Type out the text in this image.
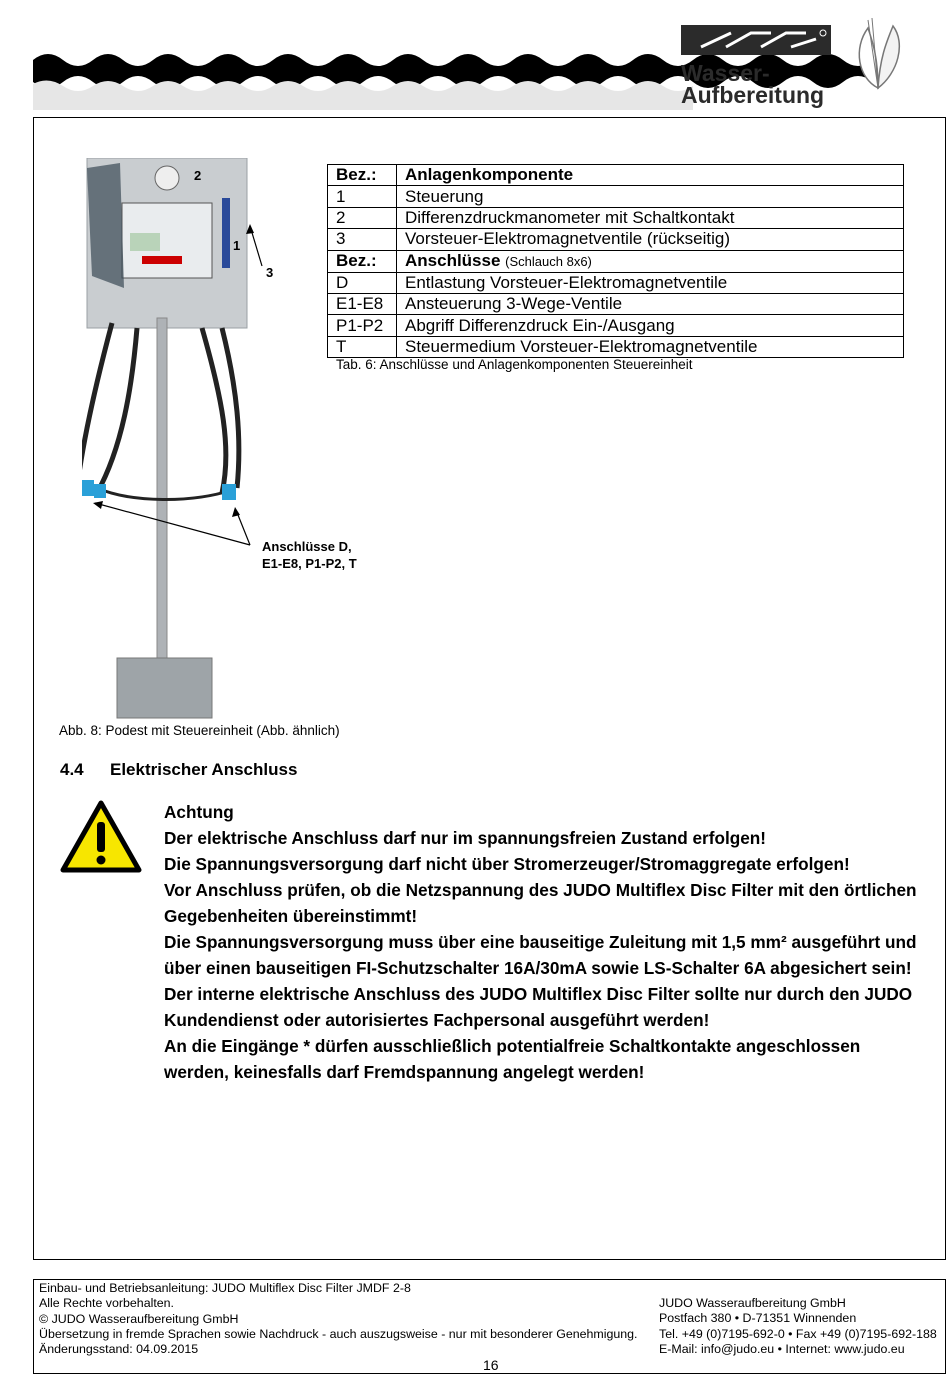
Wasser-
Aufbereitung
2
1
3
Anschlüsse D,
E1-E8, P1-P2, T
Bez.:	Anlagenkomponente
1	Steuerung
2	Differenzdruckmanometer mit Schaltkontakt
3	Vorsteuer-Elektromagnetventile (rückseitig)
Bez.:	Anschlüsse (Schlauch 8x6)
D	Entlastung Vorsteuer-Elektromagnetventile
E1-E8	Ansteuerung 3-Wege-Ventile
P1-P2	Abgriff Differenzdruck Ein-/Ausgang
T	Steuermedium Vorsteuer-Elektromagnetventile
Tab. 6: Anschlüsse und Anlagenkomponenten Steuereinheit
Abb. 8: Podest mit Steuereinheit (Abb. ähnlich)
4.4 Elektrischer Anschluss

Achtung

Der elektrische Anschluss darf nur im spannungsfreien Zustand erfolgen!

Die Spannungsversorgung darf nicht über Stromerzeuger/Stromaggregate erfolgen!

Vor Anschluss prüfen, ob die Netzspannung des JUDO Multiflex Disc Filter mit den örtlichen Gegebenheiten übereinstimmt!

Die Spannungsversorgung muss über eine bauseitige Zuleitung mit 1,5 mm² ausgeführt und über einen bauseitigen FI-Schutzschalter 16A/30mA sowie LS-Schalter 6A abgesichert sein!

Der interne elektrische Anschluss des JUDO Multiflex Disc Filter sollte nur durch den JUDO Kundendienst oder autorisiertes Fachpersonal ausgeführt werden!

An die Eingänge * dürfen ausschließlich potentialfreie Schaltkontakte angeschlossen werden, keinesfalls darf Fremdspannung angelegt werden!

Einbau- und Betriebsanleitung: JUDO Multiflex Disc Filter JMDF 2-8
Alle Rechte vorbehalten.
© JUDO Wasseraufbereitung GmbH
Übersetzung in fremde Sprachen sowie Nachdruck - auch auszugsweise - nur mit besonderer Genehmigung.
Änderungsstand: 04.09.2015
JUDO Wasseraufbereitung GmbH
Postfach 380 • D-71351 Winnenden
Tel. +49 (0)7195-692-0 • Fax +49 (0)7195-692-188
E-Mail: info@judo.eu • Internet: www.judo.eu
16
